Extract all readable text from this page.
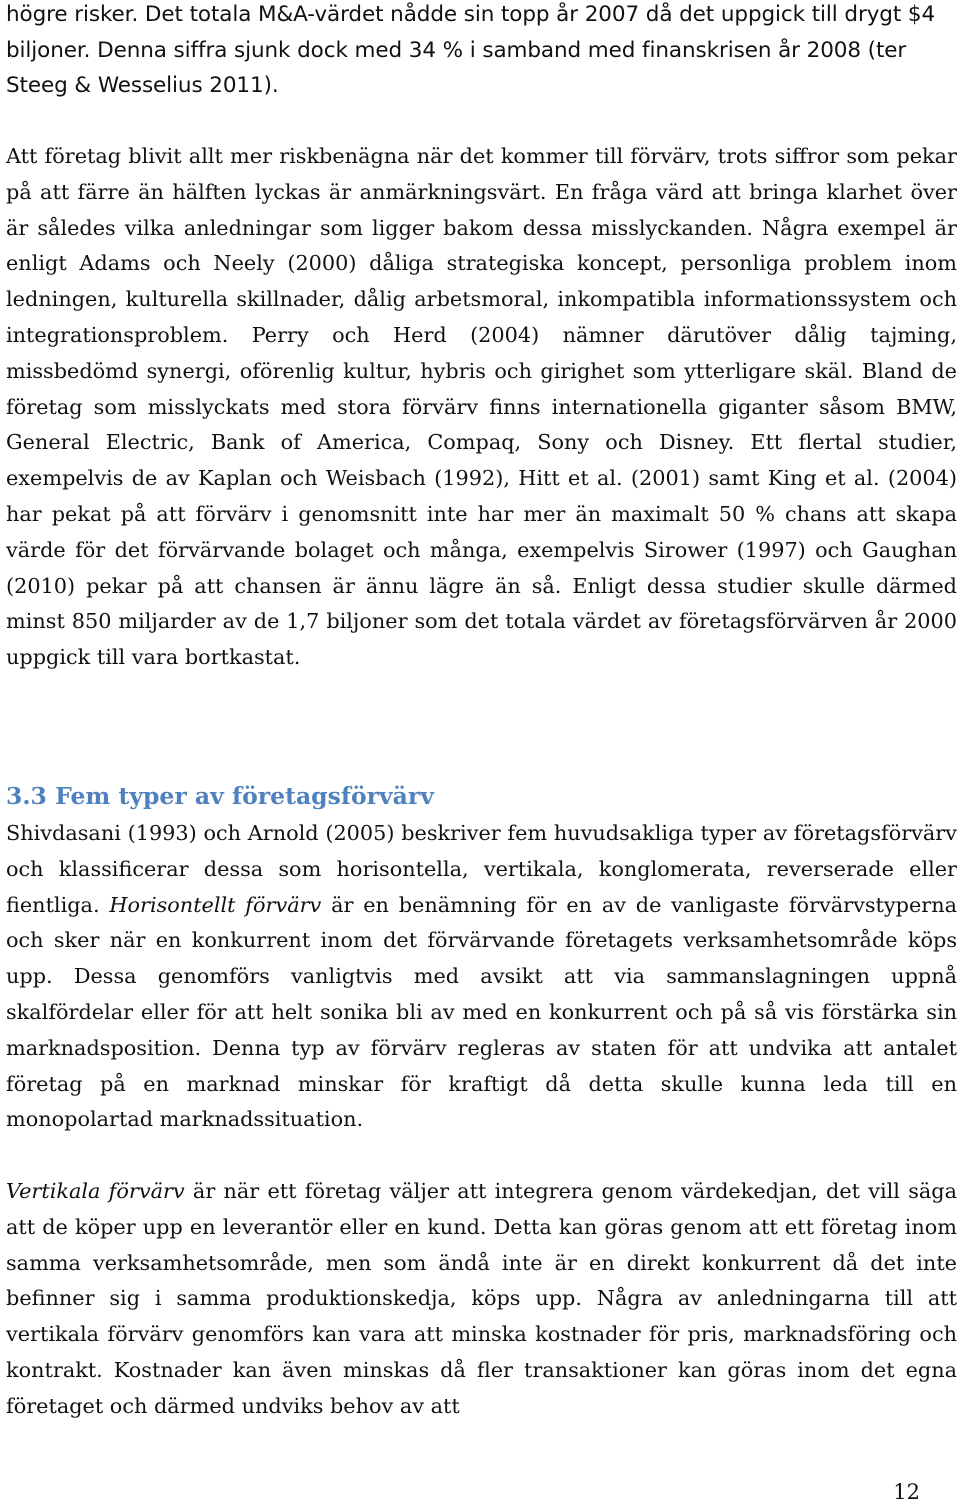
högre risker. Det totala M&A-värdet nådde sin topp år 2007 då det uppgick till drygt $4 biljoner. Denna siffra sjunk dock med 34 % i samband med finanskrisen år 2008 (ter Steeg & Wesselius 2011).

Att företag blivit allt mer riskbenägna när det kommer till förvärv, trots siffror som pekar på att färre än hälften lyckas är anmärkningsvärt. En fråga värd att bringa klarhet över är således vilka anledningar som ligger bakom dessa misslyckanden. Några exempel är enligt Adams och Neely (2000) dåliga strategiska koncept, personliga problem inom ledningen, kulturella skillnader, dålig arbetsmoral, inkompatibla informationssystem och integrationsproblem. Perry och Herd (2004) nämner därutöver dålig tajming, missbedömd synergi, oförenlig kultur, hybris och girighet som ytterligare skäl. Bland de företag som misslyckats med stora förvärv finns internationella giganter såsom BMW, General Electric, Bank of America, Compaq, Sony och Disney. Ett flertal studier, exempelvis de av Kaplan och Weisbach (1992), Hitt et al. (2001) samt King et al. (2004) har pekat på att förvärv i genomsnitt inte har mer än maximalt 50 % chans att skapa värde för det förvärvande bolaget och många, exempelvis Sirower (1997) och Gaughan (2010) pekar på att chansen är ännu lägre än så. Enligt dessa studier skulle därmed minst 850 miljarder av de 1,7 biljoner som det totala värdet av företagsförvärven år 2000 uppgick till vara bortkastat.

3.3 Fem typer av företagsförvärv

Shivdasani (1993) och Arnold (2005) beskriver fem huvudsakliga typer av företagsförvärv och klassificerar dessa som horisontella, vertikala, konglomerata, reverserade eller fientliga. Horisontellt förvärv är en benämning för en av de vanligaste förvärvstyperna och sker när en konkurrent inom det förvärvande företagets verksamhetsområde köps upp. Dessa genomförs vanligtvis med avsikt att via sammanslagningen uppnå skalfördelar eller för att helt sonika bli av med en konkurrent och på så vis förstärka sin marknadsposition. Denna typ av förvärv regleras av staten för att undvika att antalet företag på en marknad minskar för kraftigt då detta skulle kunna leda till en monopolartad marknadssituation.

Vertikala förvärv är när ett företag väljer att integrera genom värdekedjan, det vill säga att de köper upp en leverantör eller en kund. Detta kan göras genom att ett företag inom samma verksamhetsområde, men som ändå inte är en direkt konkurrent då det inte befinner sig i samma produktionskedja, köps upp. Några av anledningarna till att vertikala förvärv genomförs kan vara att minska kostnader för pris, marknadsföring och kontrakt. Kostnader kan även minskas då fler transaktioner kan göras inom det egna företaget och därmed undviks behov av att

12
